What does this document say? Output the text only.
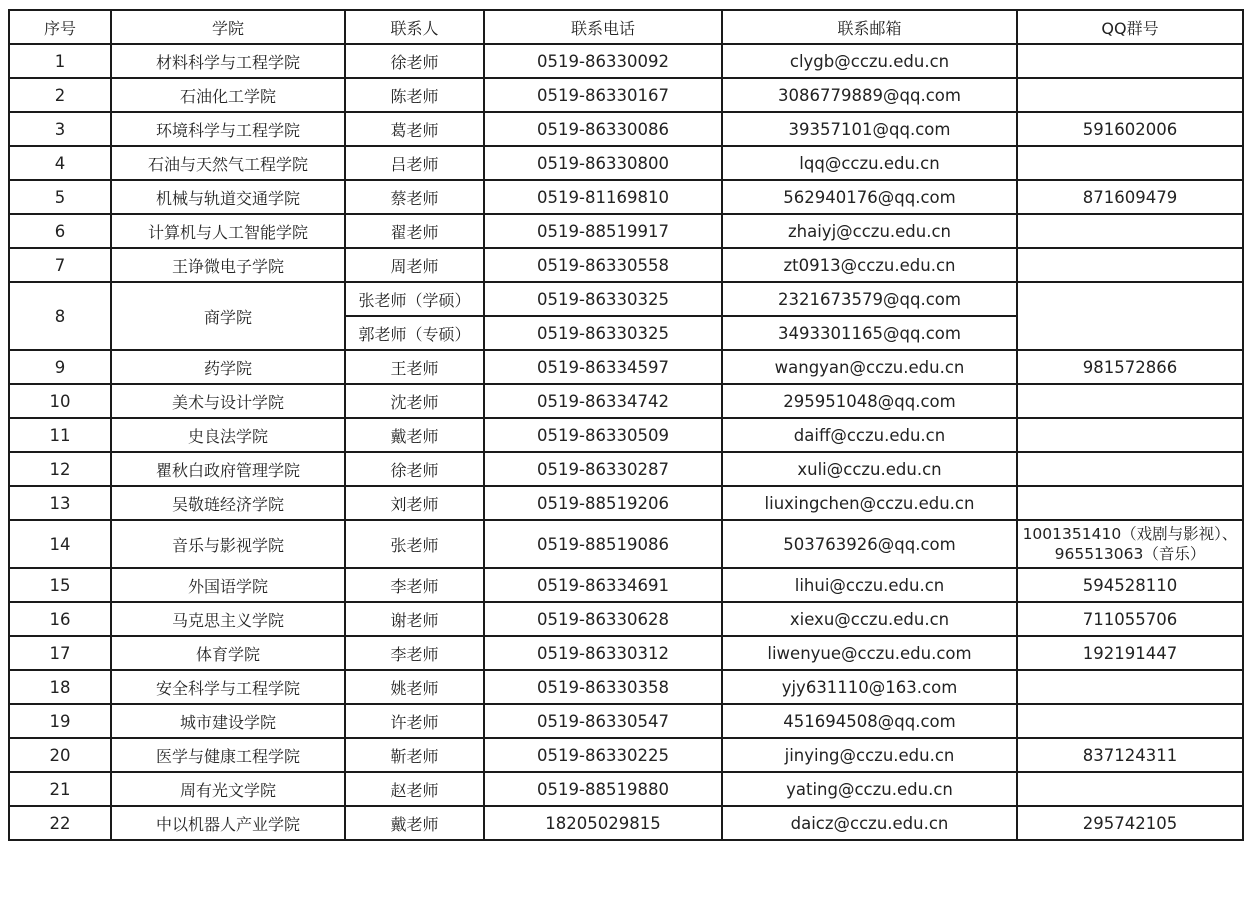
序号	学院	联系人	联系电话	联系邮箱	QQ群号
1	材料科学与工程学院	徐老师	0519-86330092	clygb@cczu.edu.cn	
2	石油化工学院	陈老师	0519-86330167	3086779889@qq.com	
3	环境科学与工程学院	葛老师	0519-86330086	39357101@qq.com	591602006
4	石油与天然气工程学院	吕老师	0519-86330800	lqq@cczu.edu.cn	
5	机械与轨道交通学院	蔡老师	0519-81169810	562940176@qq.com	871609479
6	计算机与人工智能学院	翟老师	0519-88519917	zhaiyj@cczu.edu.cn	
7	王诤微电子学院	周老师	0519-86330558	zt0913@cczu.edu.cn	
8	商学院	张老师（学硕）	0519-86330325	2321673579@qq.com	
		郭老师（专硕）	0519-86330325	3493301165@qq.com	
9	药学院	王老师	0519-86334597	wangyan@cczu.edu.cn	981572866
10	美术与设计学院	沈老师	0519-86334742	295951048@qq.com	
11	史良法学院	戴老师	0519-86330509	daiff@cczu.edu.cn	
12	瞿秋白政府管理学院	徐老师	0519-86330287	xuli@cczu.edu.cn	
13	吴敬琏经济学院	刘老师	0519-88519206	liuxingchen@cczu.edu.cn	
14	音乐与影视学院	张老师	0519-88519086	503763926@qq.com	1001351410（戏剧与影视）、965513063（音乐）
15	外国语学院	李老师	0519-86334691	lihui@cczu.edu.cn	594528110
16	马克思主义学院	谢老师	0519-86330628	xiexu@cczu.edu.cn	711055706
17	体育学院	李老师	0519-86330312	liwenyue@cczu.edu.com	192191447
18	安全科学与工程学院	姚老师	0519-86330358	yjy631110@163.com	
19	城市建设学院	许老师	0519-86330547	451694508@qq.com	
20	医学与健康工程学院	靳老师	0519-86330225	jinying@cczu.edu.cn	837124311
21	周有光文学院	赵老师	0519-88519880	yating@cczu.edu.cn	
22	中以机器人产业学院	戴老师	18205029815	daicz@cczu.edu.cn	295742105
